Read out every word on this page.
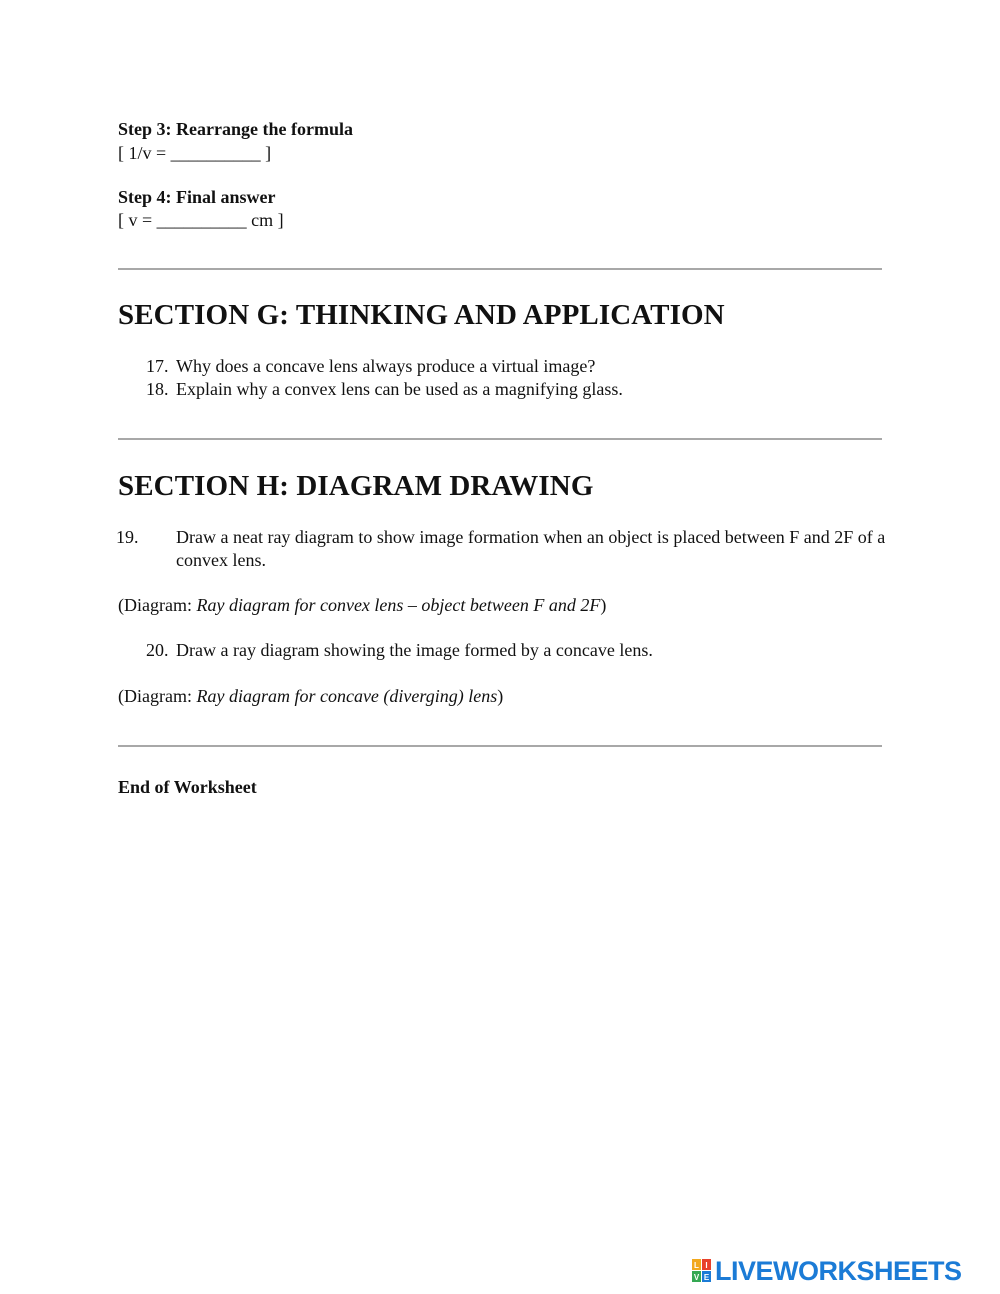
Step 3: Rearrange the formula
[ 1/v = __________ ]
Step 4: Final answer
[ v = __________ cm ]
SECTION G: THINKING AND APPLICATION
17. Why does a concave lens always produce a virtual image?
18. Explain why a convex lens can be used as a magnifying glass.
SECTION H: DIAGRAM DRAWING
19. Draw a neat ray diagram to show image formation when an object is placed between F and 2F of a convex lens.
(Diagram: Ray diagram for convex lens – object between F and 2F)
20. Draw a ray diagram showing the image formed by a concave lens.
(Diagram: Ray diagram for concave (diverging) lens)
End of Worksheet
L I
V E LIVEWORKSHEETS
